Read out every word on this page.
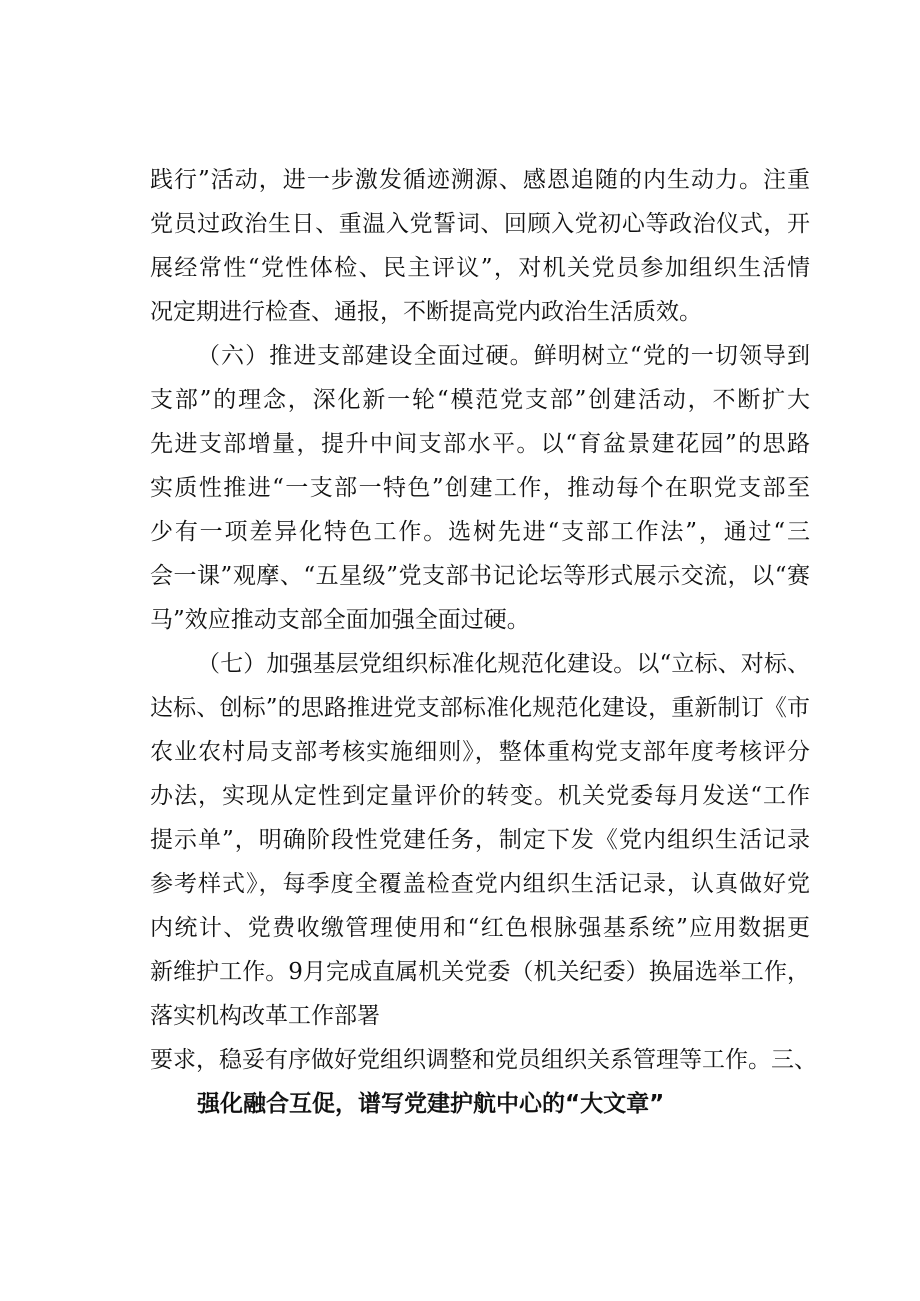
践行”活动，进一步激发循迹溯源、感恩追随的内生动力。注重
党员过政治生日、重温入党誓词、回顾入党初心等政治仪式，开
展经常性“党性体检、民主评议”，对机关党员参加组织生活情
况定期进行检查、通报，不断提高党内政治生活质效。
（六）推进支部建设全面过硬。鲜明树立“党的一切领导到
支部”的理念，深化新一轮“模范党支部”创建活动，不断扩大
先进支部增量，提升中间支部水平。以“育盆景建花园”的思路
实质性推进“一支部一特色”创建工作，推动每个在职党支部至
少有一项差异化特色工作。选树先进“支部工作法”，通过“三
会一课”观摩、“五星级”党支部书记论坛等形式展示交流，以“赛
马”效应推动支部全面加强全面过硬。
（七）加强基层党组织标准化规范化建设。以“立标、对标、
达标、创标”的思路推进党支部标准化规范化建设，重新制订《市
农业农村局支部考核实施细则》，整体重构党支部年度考核评分
办法，实现从定性到定量评价的转变。机关党委每月发送“工作
提示单”，明确阶段性党建任务，制定下发《党内组织生活记录
参考样式》，每季度全覆盖检查党内组织生活记录，认真做好党
内统计、党费收缴管理使用和“红色根脉强基系统”应用数据更
新维护工作。9月完成直属机关党委（机关纪委）换届选举工作，
落实机构改革工作部署
要求，稳妥有序做好党组织调整和党员组织关系管理等工作。三、
强化融合互促，谱写党建护航中心的“大文章”
